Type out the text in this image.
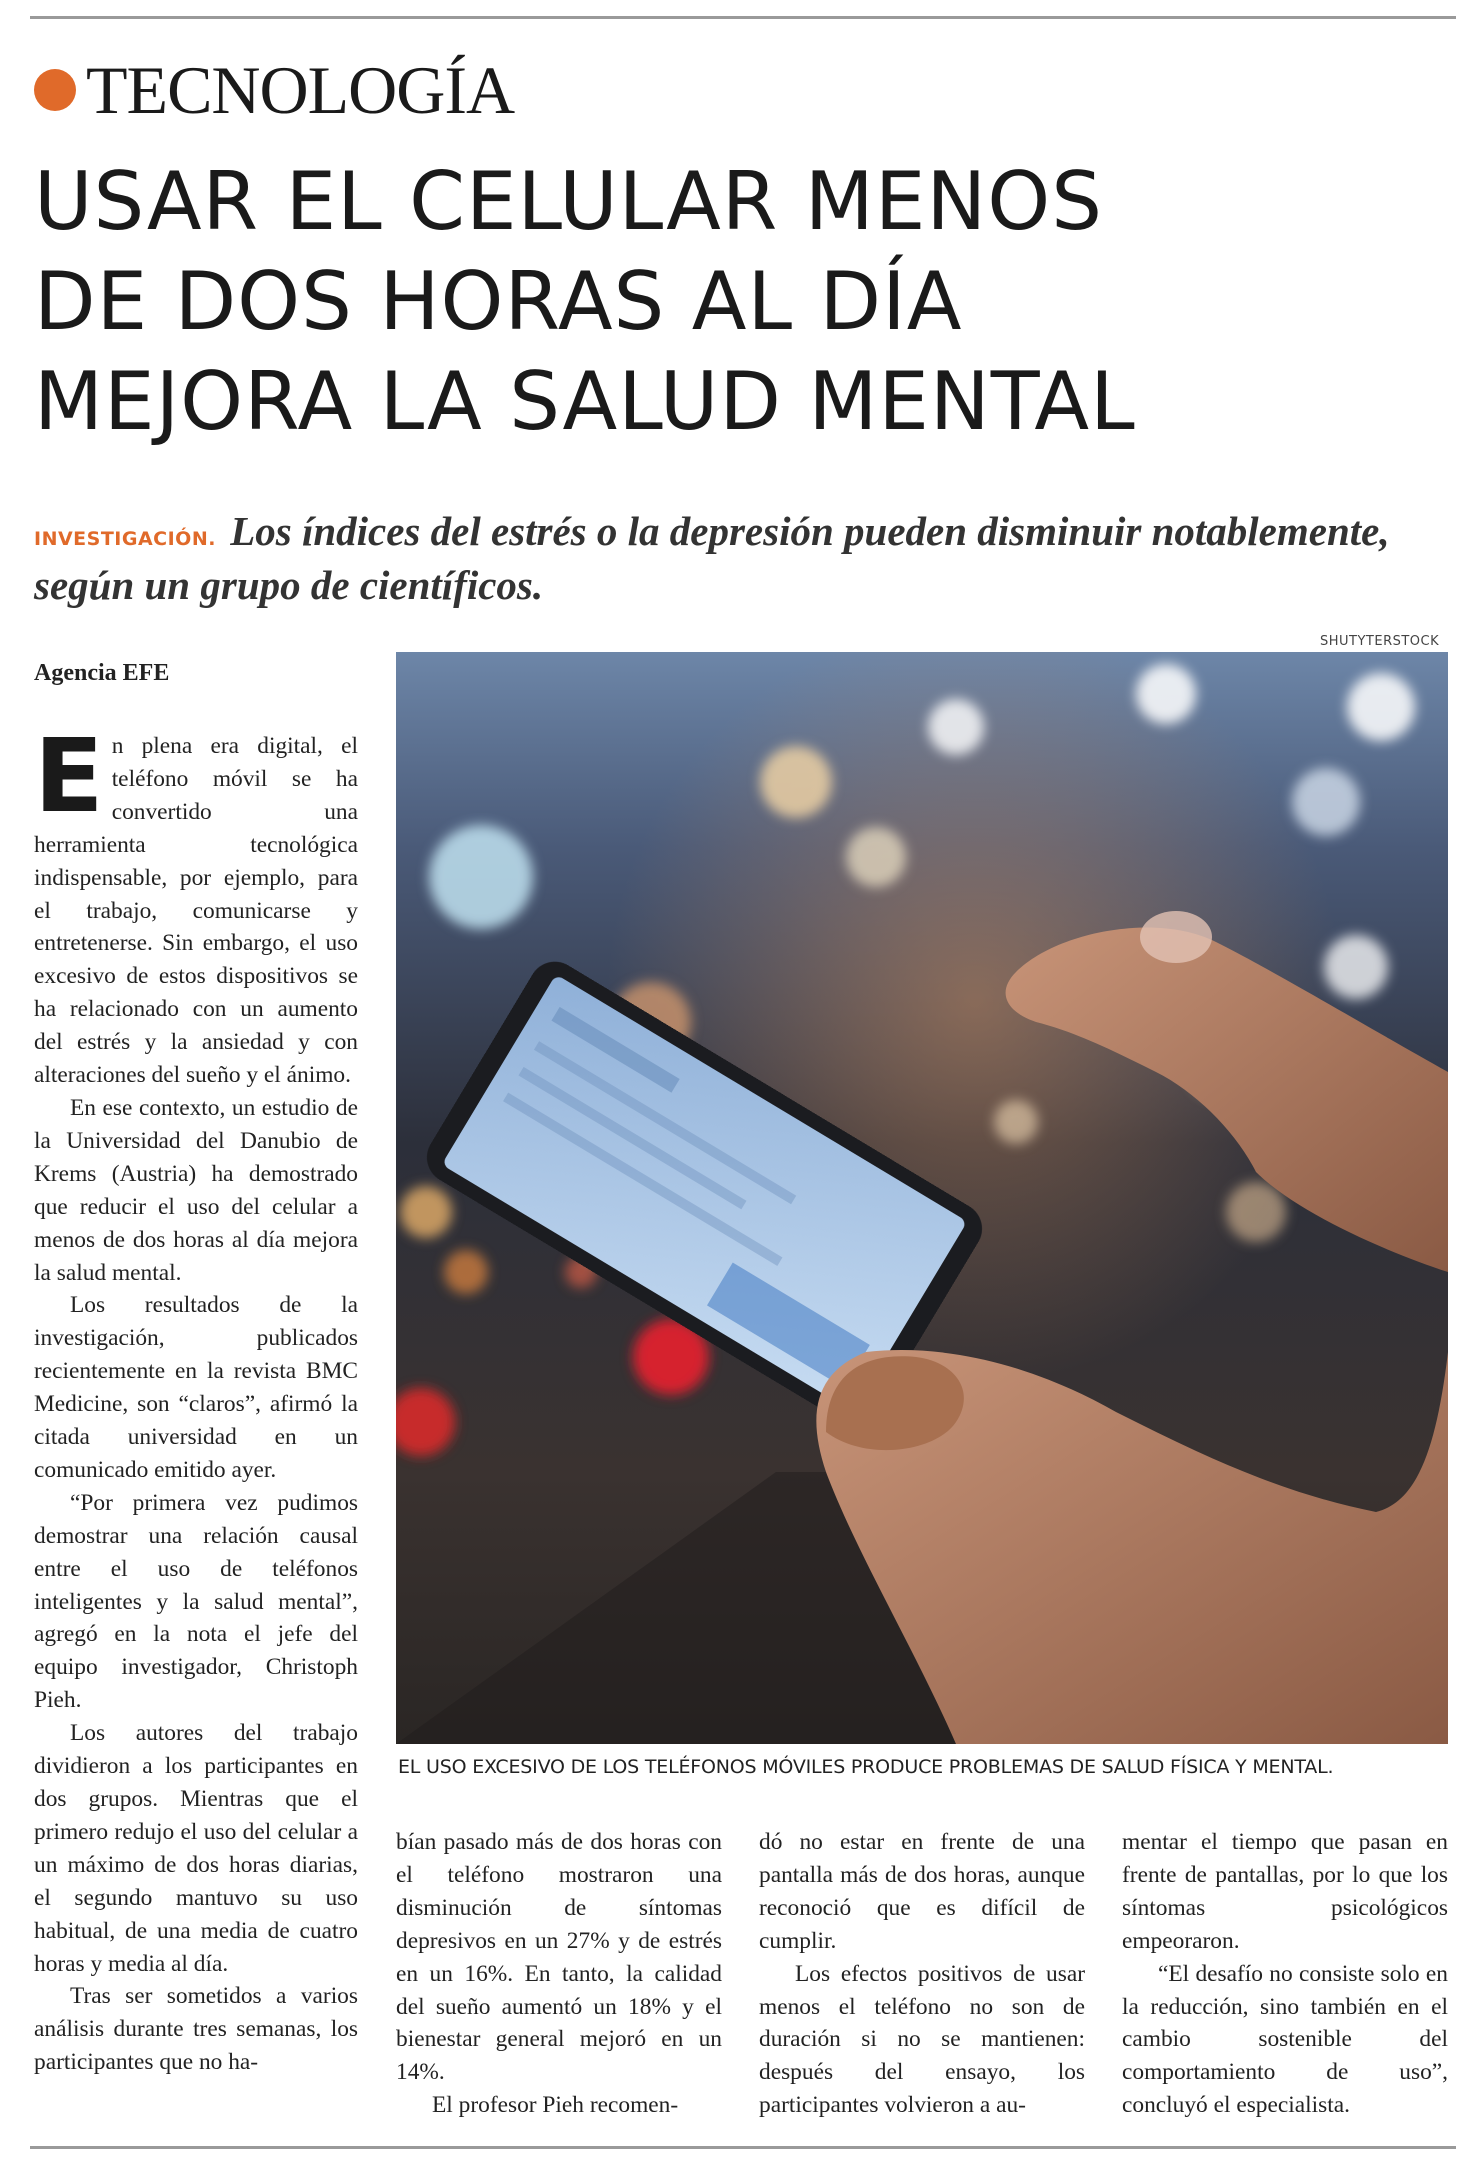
TECNOLOGÍA
USAR EL CELULAR MENOS
DE DOS HORAS AL DÍA
MEJORA LA SALUD MENTAL
INVESTIGACIÓN. Los índices del estrés o la depresión pueden disminuir notablemente, según un grupo de científicos.
SHUTYTERSTOCK
EL USO EXCESIVO DE LOS TELÉFONOS MÓVILES PRODUCE PROBLEMAS DE SALUD FÍSICA Y MENTAL.
Agencia EFE

En plena era digital, el teléfono móvil se ha convertido una herramienta tecnológica indispensable, por ejemplo, para el trabajo, comunicarse y entretenerse. Sin embargo, el uso excesivo de estos dispositivos se ha relacionado con un aumento del estrés y la ansiedad y con alteraciones del sueño y el ánimo.

En ese contexto, un estudio de la Universidad del Danubio de Krems (Austria) ha demostrado que reducir el uso del celular a menos de dos horas al día mejora la salud mental.

Los resultados de la investigación, publicados recientemente en la revista BMC Medicine, son “claros”, afirmó la citada universidad en un comunicado emitido ayer.

“Por primera vez pudimos demostrar una relación causal entre el uso de teléfonos inteligentes y la salud mental”, agregó en la nota el jefe del equipo investigador, Christoph Pieh.

Los autores del trabajo dividieron a los participantes en dos grupos. Mientras que el primero redujo el uso del celular a un máximo de dos horas diarias, el segundo mantuvo su uso habitual, de una media de cuatro horas y media al día.

Tras ser sometidos a varios análisis durante tres semanas, los participantes que no ha-

bían pasado más de dos horas con el teléfono mostraron una disminución de síntomas depresivos en un 27% y de estrés en un 16%. En tanto, la calidad del sueño aumentó un 18% y el bienestar general mejoró en un 14%.

El profesor Pieh recomen-

dó no estar en frente de una pantalla más de dos horas, aunque reconoció que es difícil de cumplir.

Los efectos positivos de usar menos el teléfono no son de duración si no se mantienen: después del ensayo, los participantes volvieron a au-

mentar el tiempo que pasan en frente de pantallas, por lo que los síntomas psicológicos empeoraron.

“El desafío no consiste solo en la reducción, sino también en el cambio sostenible del comportamiento de uso”, concluyó el especialista.
